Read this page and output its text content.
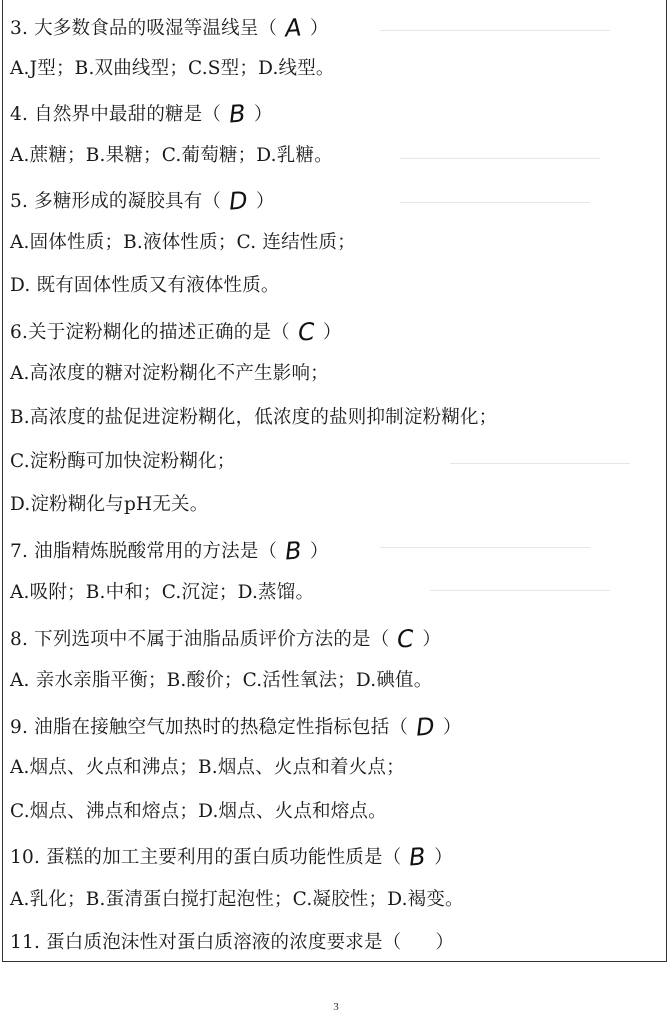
3. 大多数食品的吸湿等温线呈（ A ）
A.J型；B.双曲线型；C.S型；D.线型。
4. 自然界中最甜的糖是（ B ）
A.蔗糖；B.果糖；C.葡萄糖；D.乳糖。
5. 多糖形成的凝胶具有（ D ）
A.固体性质；B.液体性质；C. 连结性质；
D. 既有固体性质又有液体性质。
6.关于淀粉糊化的描述正确的是（ C ）
A.高浓度的糖对淀粉糊化不产生影响；
B.高浓度的盐促进淀粉糊化，低浓度的盐则抑制淀粉糊化；
C.淀粉酶可加快淀粉糊化；
D.淀粉糊化与pH无关。
7. 油脂精炼脱酸常用的方法是（ B ）
A.吸附；B.中和；C.沉淀；D.蒸馏。
8. 下列选项中不属于油脂品质评价方法的是（ C ）
A. 亲水亲脂平衡；B.酸价；C.活性氧法；D.碘值。
9. 油脂在接触空气加热时的热稳定性指标包括（ D ）
A.烟点、火点和沸点；B.烟点、火点和着火点；
C.烟点、沸点和熔点；D.烟点、火点和熔点。
10. 蛋糕的加工主要利用的蛋白质功能性质是（ B ）
A.乳化；B.蛋清蛋白搅打起泡性；C.凝胶性；D.褐变。
11. 蛋白质泡沫性对蛋白质溶液的浓度要求是（ ）
3
